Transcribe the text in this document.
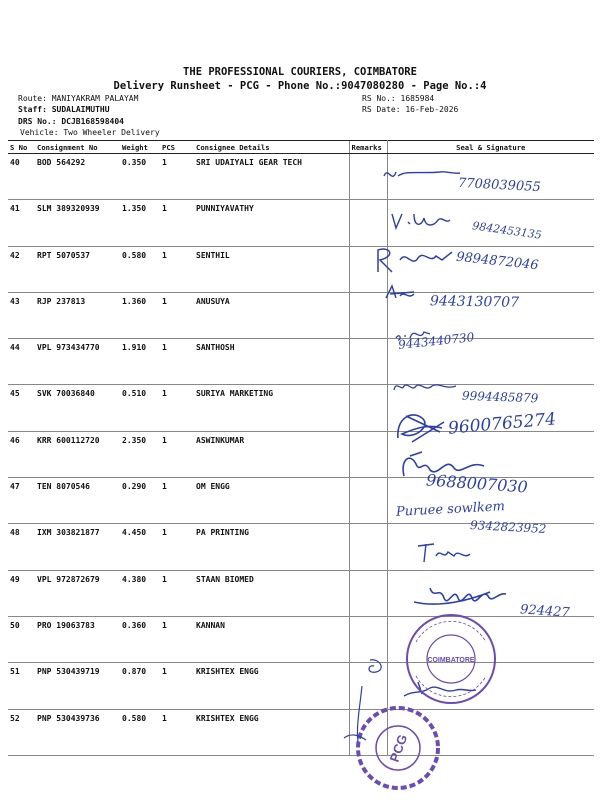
THE PROFESSIONAL COURIERS, COIMBATORE
Delivery Runsheet - PCG - Phone No.:9047080280 - Page No.:4
Route: MANIYAKRAM PALAYAM
Staff: SUDALAIMUTHU
DRS No.: DCJB168598404
Vehicle: Two Wheeler Delivery
RS No.: 1685984
RS Date: 16-Feb-2026
S No	Consignment No	Weight	PCS	Consignee Details	Remarks	Seal & Signature
40	BOD 564292	0.350	1	SRI UDAIYALI GEAR TECH		
41	SLM 389320939	1.350	1	PUNNIYAVATHY		
42	RPT 5070537	0.580	1	SENTHIL		
43	RJP 237813	1.360	1	ANUSUYA		
44	VPL 973434770	1.910	1	SANTHOSH		
45	SVK 70036840	0.510	1	SURIYA MARKETING		
46	KRR 600112720	2.350	1	ASWINKUMAR		
47	TEN 8070546	0.290	1	OM ENGG		
48	IXM 303821877	4.450	1	PA PRINTING		
49	VPL 972872679	4.380	1	STAAN BIOMED		
50	PRO 19063783	0.360	1	KANNAN		
51	PNP 530439719	0.870	1	KRISHTEX ENGG		
52	PNP 530439736	0.580	1	KRISHTEX ENGG		
7708039055
9842453135
9894872046
9443130707
9443440730
9994485879
9600765274
9688007030
Puruee sowlkem
9342823952
924427
COIMBATORE
PCG
